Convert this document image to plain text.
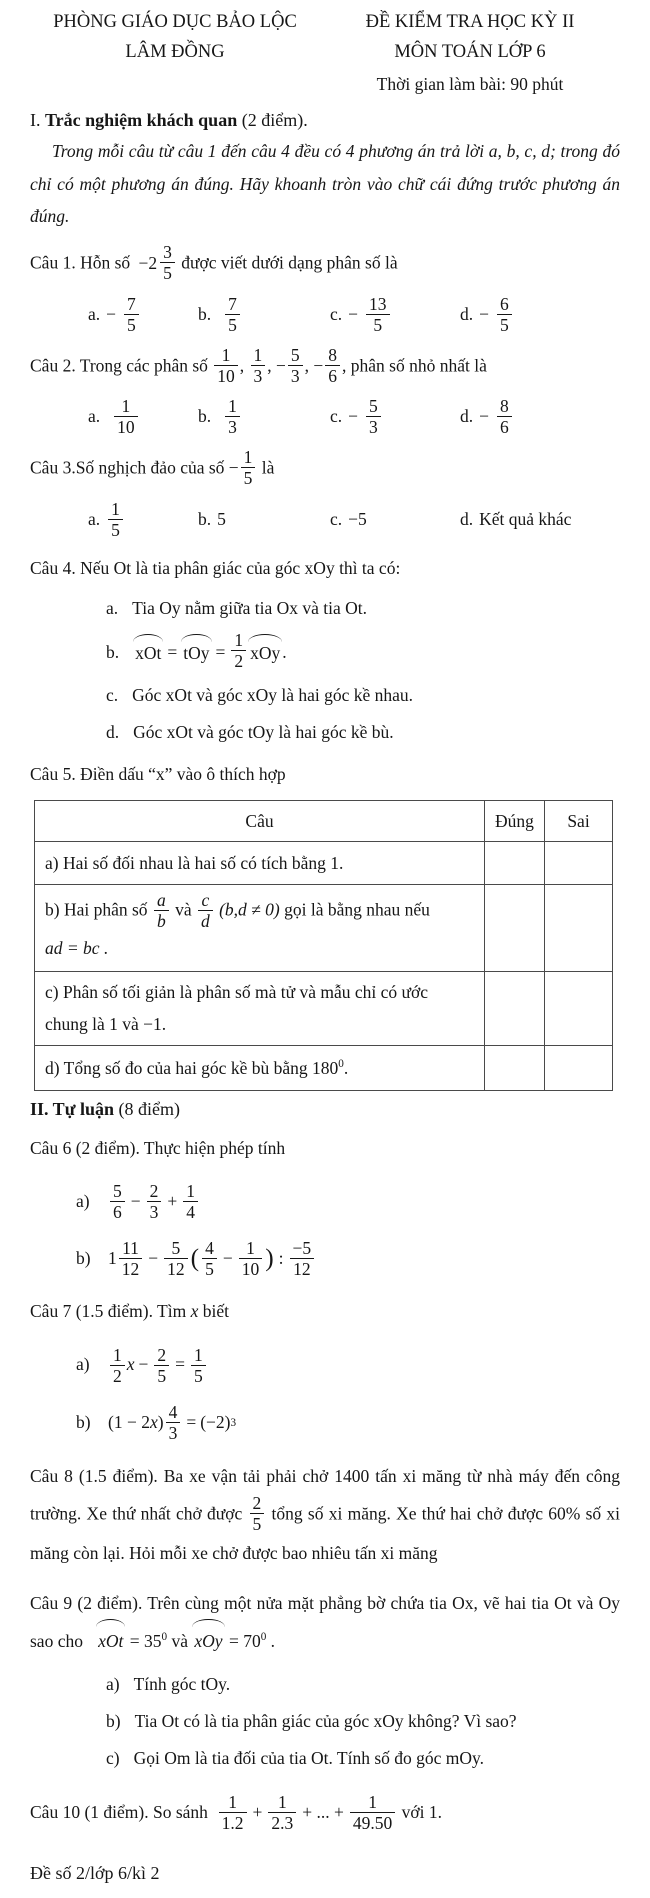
PHÒNG GIÁO DỤC BẢO LỘC
LÂM ĐỒNG
ĐỀ KIỂM TRA HỌC KỲ II
MÔN TOÁN LỚP 6
Thời gian làm bài: 90 phút
I. Trắc nghiệm khách quan (2 điểm).
Trong mỗi câu từ câu 1 đến câu 4 đều có 4 phương án trả lời a, b, c, d; trong đó chỉ có một phương án đúng. Hãy khoanh tròn vào chữ cái đứng trước phương án đúng.
Câu 1. Hỗn số $-2 \frac{3}{5}$ được viết dưới dạng phân số là
a. − $\frac{7}{5}$	b. $\frac{7}{5}$	c. − $\frac{13}{5}$	d. − $\frac{6}{5}$
Câu 2. Trong các phân số $\frac{1}{10}$ , $\frac{1}{3}$ , − $\frac{5}{3}$ , − $\frac{8}{6}$ , phân số nhỏ nhất là
a. $\frac{1}{10}$	b. $\frac{1}{3}$	c. − $\frac{5}{3}$	d. − $\frac{8}{6}$
Câu 3.Số nghịch đảo của số − $\frac{1}{5}$ là
a. $\frac{1}{5}$	b. 5	c. −5	d. Kết quả khác
Câu 4. Nếu Ot là tia phân giác của góc xOy thì ta có:
a. Tia Oy nằm giữa tia Ox và tia Ot.
b. xOt = tOy = $\frac{1}{2}$ xOy .
c. Góc xOt và góc xOy là hai góc kề nhau.
d. Góc xOt và góc tOy là hai góc kề bù.
Câu 5. Điền dấu “x” vào ô thích hợp
Câu	Đúng	Sai
a) Hai số đối nhau là hai số có tích bằng 1.		
b) Hai phân số $\frac{a}{b}$ và $\frac{c}{d} (b,d \ne 0)$ gọi là bằng nhau nếu
ad = bc .

c) Phân số tối giản là phân số mà tử và mẫu chỉ có ước chung là 1 và −1.		
d) Tổng số đo của hai góc kề bù bằng $180^0$.		
II. Tự luận (8 điểm)
Câu 6 (2 điểm). Thực hiện phép tính
a)	$\frac{5}{6} - \frac{2}{3} + \frac{1}{4}$
b) $1 \frac{11}{12} - \frac{5}{12}$ ( $\frac{4}{5} - \frac{1}{10}$ ) : $\frac{-5}{12}$
Câu 7 (1.5 điểm). Tìm x biết
a)	$\frac{1}{2}$ $x - \frac{2}{5} = \frac{1}{5}$
b) (1 − 2 x ) $\frac{4}{3} = (-2)$ 3
Câu 8 (1.5 điểm). Ba xe vận tải phải chở 1400 tấn xi măng từ nhà máy đến công trường. Xe thứ nhất chở được $\frac{2}{5}$ tổng số xi măng. Xe thứ hai chở được 60% số xi măng còn lại. Hỏi mỗi xe chở được bao nhiêu tấn xi măng
Câu 9 (2 điểm). Trên cùng một nửa mặt phẳng bờ chứa tia Ox, vẽ hai tia Ot và Oy sao cho xOt = $35^0$ và xOy = $70^0$ .
a) Tính góc tOy.
b) Tia Ot có là tia phân giác của góc xOy không? Vì sao?
c) Gọi Om là tia đối của tia Ot. Tính số đo góc mOy.
Câu 10 (1 điểm). So sánh
$\frac{1}{1.2} + \frac{1}{2.3}$ + ... + $\frac{1}{49.50}$
với 1.
Đề số 2/lớp 6/kì 2
